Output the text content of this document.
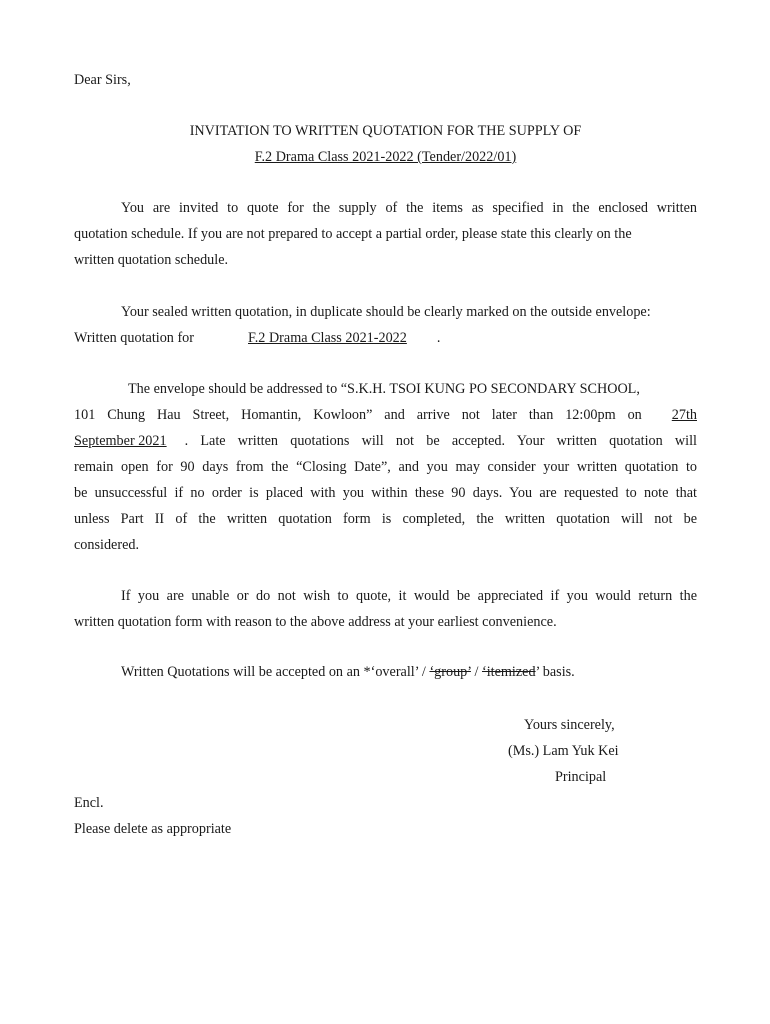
Dear Sirs,
INVITATION TO WRITTEN QUOTATION FOR THE SUPPLY OF
F.2 Drama Class 2021-2022 (Tender/2022/01)
You are invited to quote for the supply of the items as specified in the enclosed written
quotation schedule. If you are not prepared to accept a partial order, please state this clearly on the
written quotation schedule.
Your sealed written quotation, in duplicate should be clearly marked on the outside envelope:
Written quotation for	F.2 Drama Class 2021-2022 .
The envelope should be addressed to “S.K.H. TSOI KUNG PO SECONDARY SCHOOL,
101 Chung Hau Street, Homantin, Kowloon” and arrive not later than 12:00pm on	27th
September 2021	. Late written quotations will not be accepted. Your written quotation will
remain open for 90 days from the “Closing Date”, and you may consider your written quotation to
be unsuccessful if no order is placed with you within these 90 days. You are requested to note that
unless Part II of the written quotation form is completed, the written quotation will not be
considered.
If you are unable or do not wish to quote, it would be appreciated if you would return the
written quotation form with reason to the above address at your earliest convenience.
Written Quotations will be accepted on an *‘overall’ / ‘group’ / ‘itemized’ basis.
Yours sincerely,
(Ms.) Lam Yuk Kei
Principal
Encl.
Please delete as appropriate
